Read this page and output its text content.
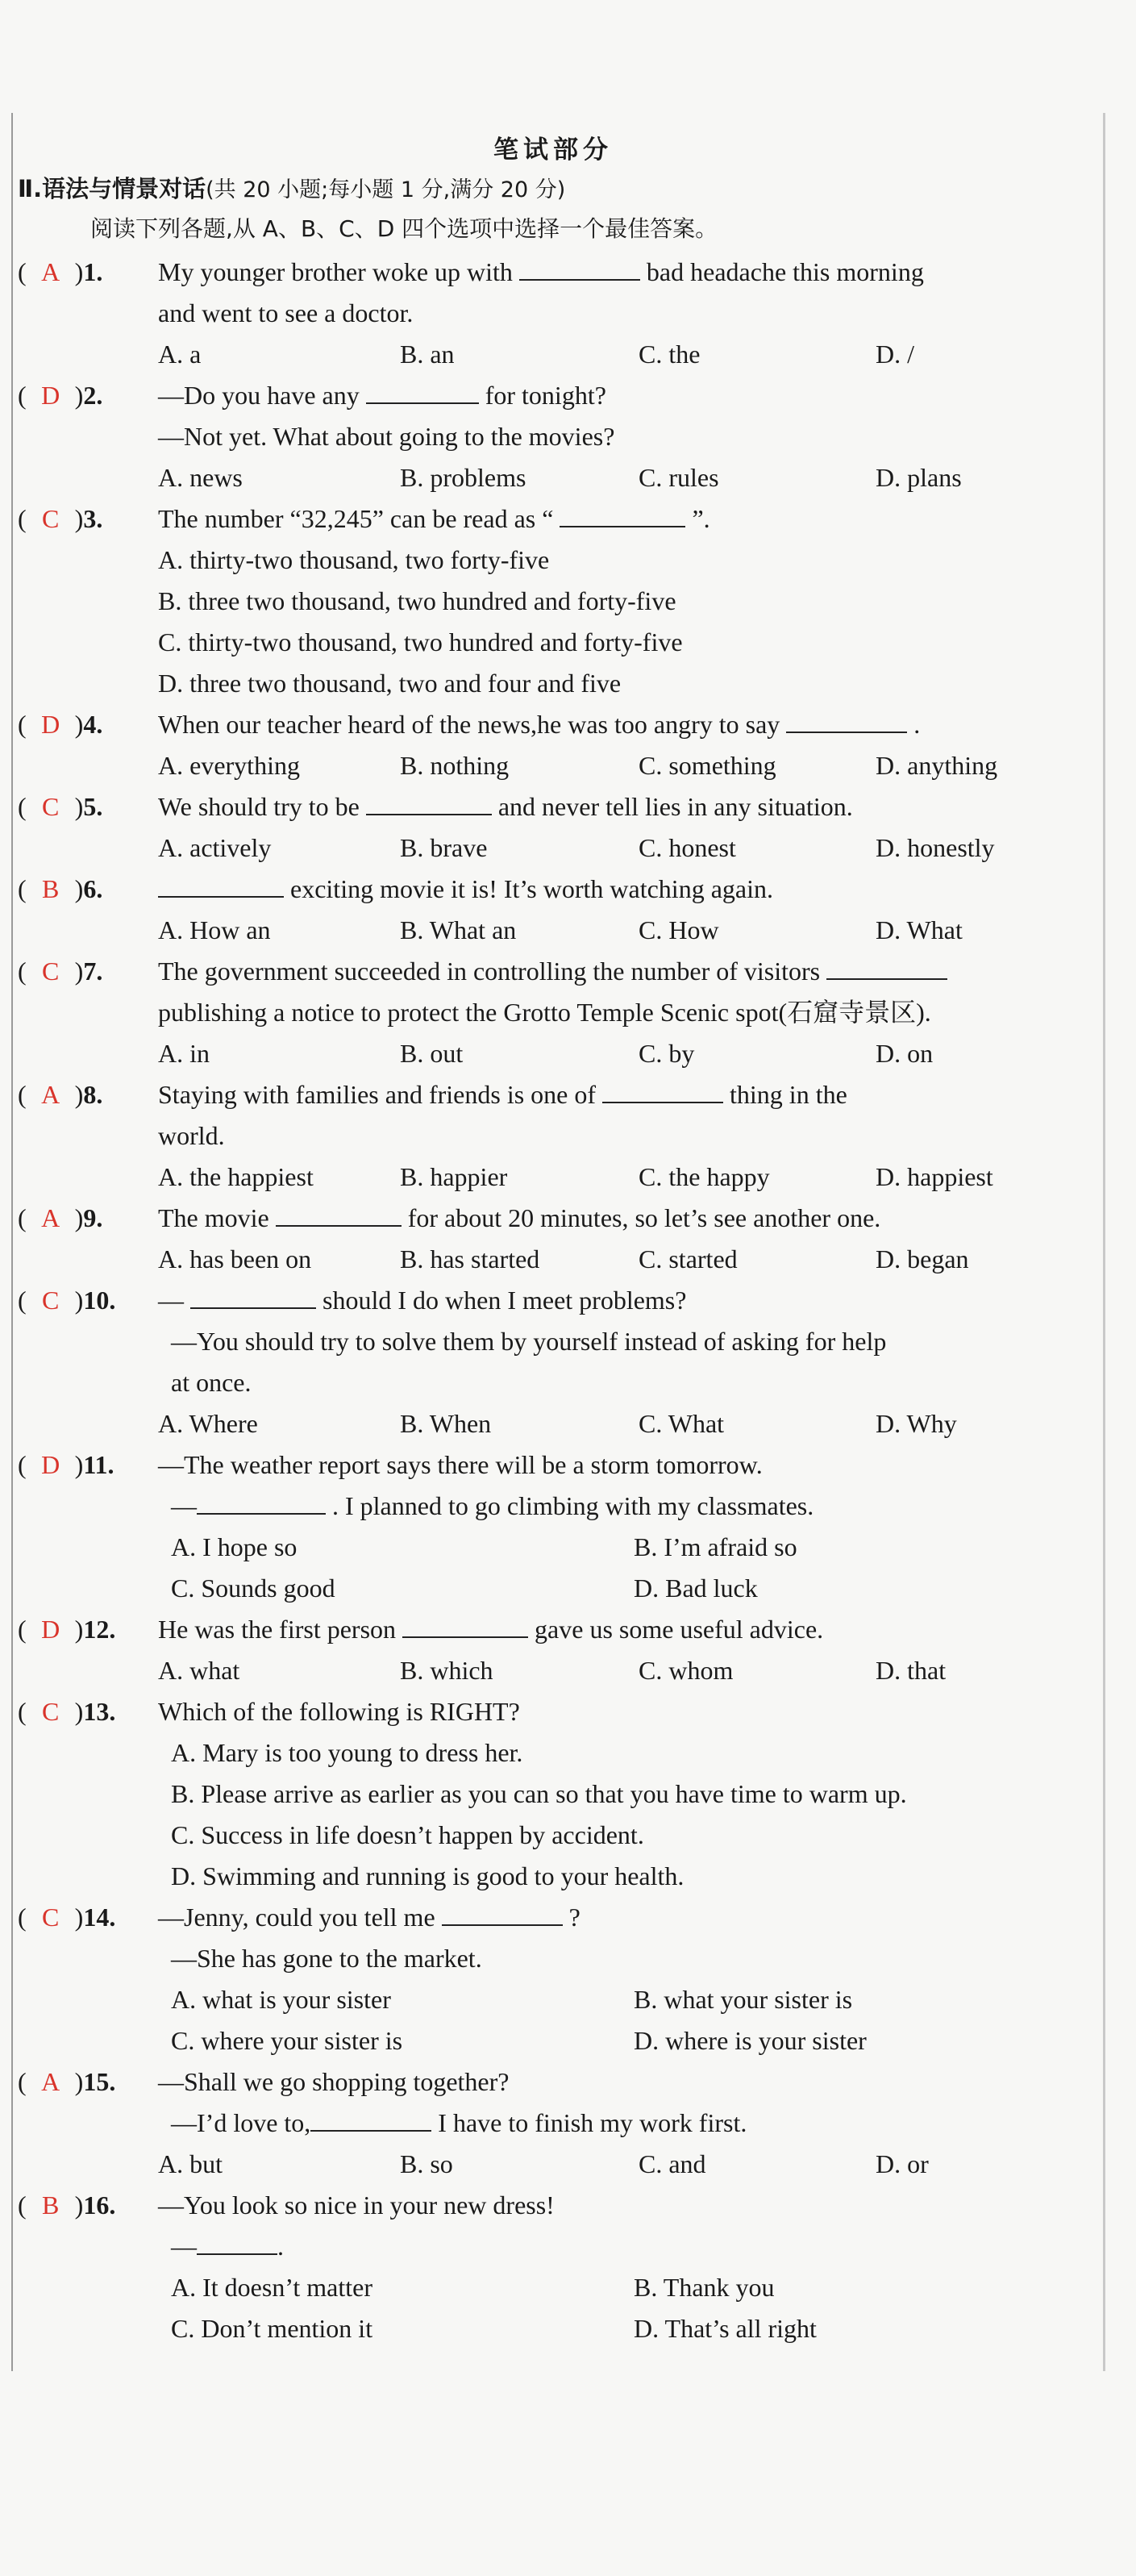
笔试部分
Ⅱ.语法与情景对话(共 20 小题;每小题 1 分,满分 20 分)
阅读下列各题,从 A、B、C、D 四个选项中选择一个最佳答案。
( A ) 1. My younger brother woke up with	bad headache this morning
and went to see a doctor.
A. a	B. an	C. the	D. /
( D ) 2. —Do you have any	for tonight?
—Not yet. What about going to the movies?
A. news	B. problems	C. rules	D. plans
( C ) 3. The number “32,245” can be read as “	”.
A. thirty-two thousand, two forty-five
B. three two thousand, two hundred and forty-five
C. thirty-two thousand, two hundred and forty-five
D. three two thousand, two and four and five
( D ) 4. When our teacher heard of the news,he was too angry to say	.
A. everything	B. nothing	C. something	D. anything
( C ) 5. We should try to be	and never tell lies in any situation.
A. actively	B. brave	C. honest	D. honestly
( B ) 6.	exciting movie it is! It’s worth watching again.
A. How an	B. What an	C. How	D. What
( C ) 7. The government succeeded in controlling the number of visitors
publishing a notice to protect the Grotto Temple Scenic spot(石窟寺景区).
A. in	B. out	C. by	D. on
( A ) 8. Staying with families and friends is one of	thing in the
world.
A. the happiest	B. happier	C. the happy	D. happiest
( A ) 9. The movie	for about 20 minutes, so let’s see another one.
A. has been on	B. has started	C. started	D. began
( C ) 10. —	should I do when I meet problems?
—You should try to solve them by yourself instead of asking for help
at once.
A. Where	B. When	C. What	D. Why
( D ) 11. —The weather report says there will be a storm tomorrow.
—	. I planned to go climbing with my classmates.
A. I hope so	B. I’m afraid so
C. Sounds good	D. Bad luck
( D ) 12. He was the first person	gave us some useful advice.
A. what	B. which	C. whom	D. that
( C ) 13. Which of the following is RIGHT?
A. Mary is too young to dress her.
B. Please arrive as earlier as you can so that you have time to warm up.
C. Success in life doesn’t happen by accident.
D. Swimming and running is good to your health.
( C ) 14. —Jenny, could you tell me	?
—She has gone to the market.
A. what is your sister	B. what your sister is
C. where your sister is	D. where is your sister
( A ) 15. —Shall we go shopping together?
—I’d love to,	I have to finish my work first.
A. but	B. so	C. and	D. or
( B ) 16. —You look so nice in your new dress!
—	.
A. It doesn’t matter	B. Thank you
C. Don’t mention it	D. That’s all right
